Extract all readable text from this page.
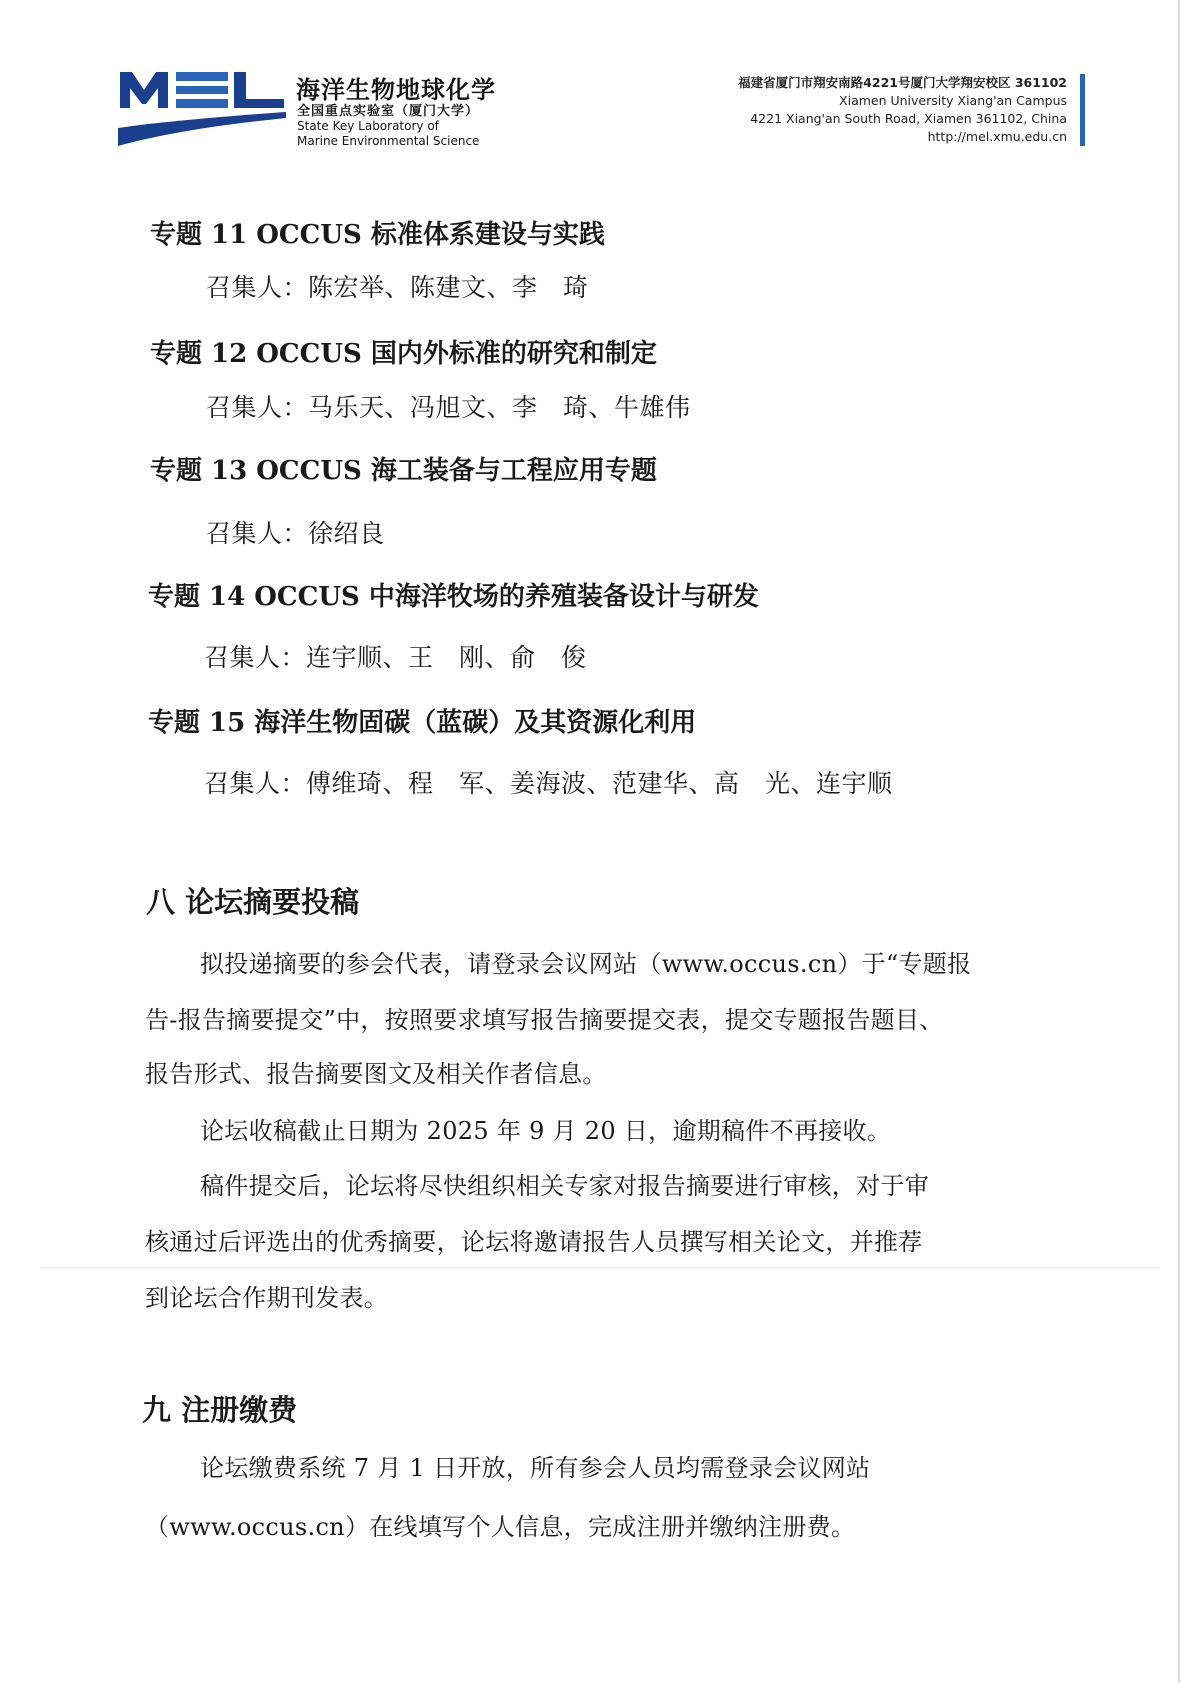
海洋生物地球化学
全国重点实验室（厦门大学）
State Key Laboratory of
Marine Environmental Science
福建省厦门市翔安南路4221号厦门大学翔安校区 361102
Xiamen University Xiang'an Campus
4221 Xiang'an South Road, Xiamen 361102, China
http://mel.xmu.edu.cn
专题 11 OCCUS 标准体系建设与实践
召集人：陈宏举、陈建文、李　琦
专题 12 OCCUS 国内外标准的研究和制定
召集人：马乐天、冯旭文、李　琦、牛雄伟
专题 13 OCCUS 海工装备与工程应用专题
召集人：徐绍良
专题 14 OCCUS 中海洋牧场的养殖装备设计与研发
召集人：连宇顺、王　刚、俞　俊
专题 15 海洋生物固碳（蓝碳）及其资源化利用
召集人：傅维琦、程　军、姜海波、范建华、高　光、连宇顺
八 论坛摘要投稿
拟投递摘要的参会代表，请登录会议网站（www.occus.cn）于“专题报
告-报告摘要提交”中，按照要求填写报告摘要提交表，提交专题报告题目、
报告形式、报告摘要图文及相关作者信息。
论坛收稿截止日期为 2025 年 9 月 20 日，逾期稿件不再接收。
稿件提交后，论坛将尽快组织相关专家对报告摘要进行审核，对于审
核通过后评选出的优秀摘要，论坛将邀请报告人员撰写相关论文，并推荐
到论坛合作期刊发表。
九 注册缴费
论坛缴费系统 7 月 1 日开放，所有参会人员均需登录会议网站
（www.occus.cn）在线填写个人信息，完成注册并缴纳注册费。
